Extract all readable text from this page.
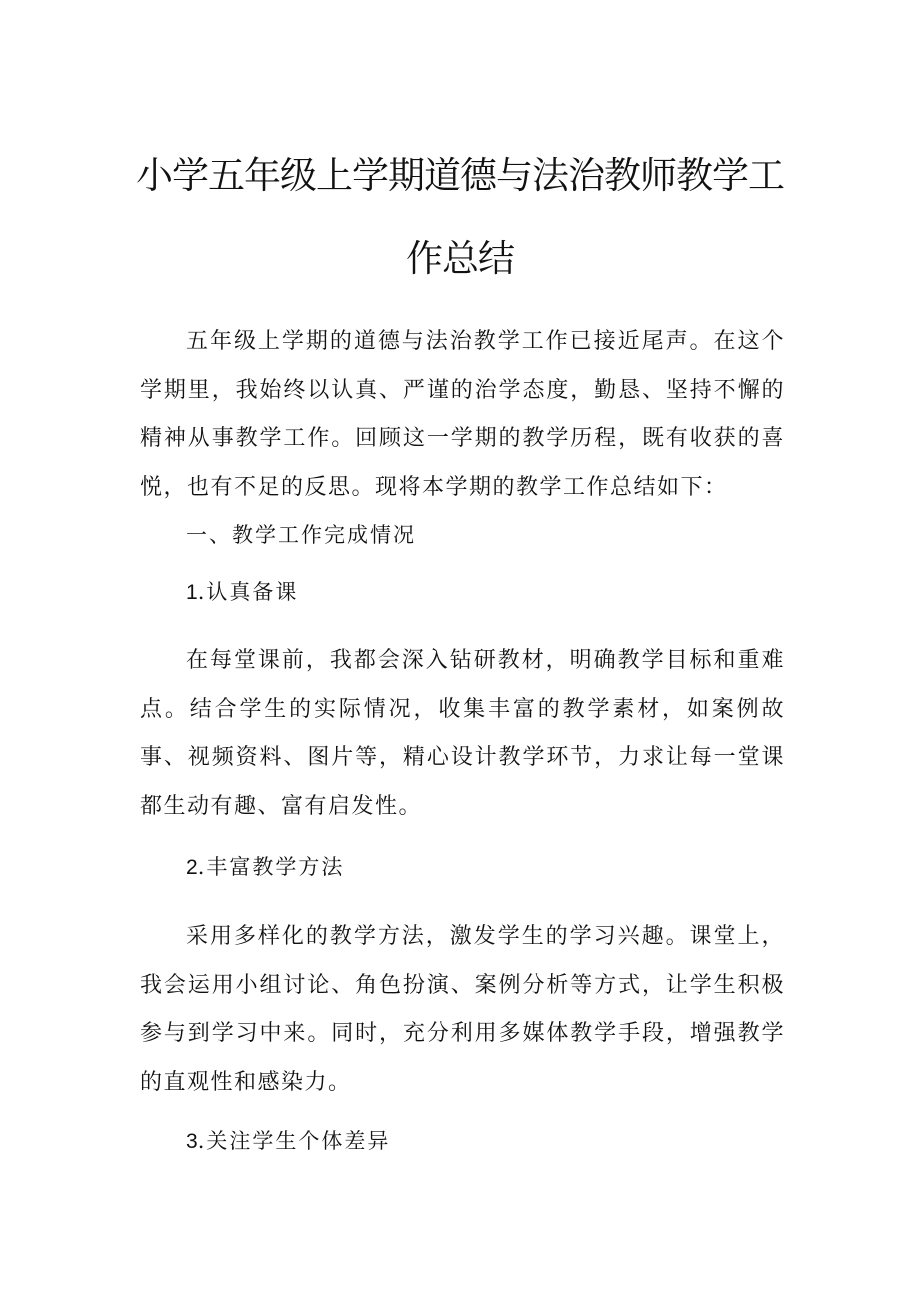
小学五年级上学期道德与法治教师教学工
作总结

五年级上学期的道德与法治教学工作已接近尾声。在这个学期里，我始终以认真、严谨的治学态度，勤恳、坚持不懈的精神从事教学工作。回顾这一学期的教学历程，既有收获的喜悦，也有不足的反思。现将本学期的教学工作总结如下：

一、教学工作完成情况

1.认真备课

在每堂课前，我都会深入钻研教材，明确教学目标和重难点。结合学生的实际情况，收集丰富的教学素材，如案例故事、视频资料、图片等，精心设计教学环节，力求让每一堂课都生动有趣、富有启发性。

2.丰富教学方法

采用多样化的教学方法，激发学生的学习兴趣。课堂上，我会运用小组讨论、角色扮演、案例分析等方式，让学生积极参与到学习中来。同时，充分利用多媒体教学手段，增强教学的直观性和感染力。

3.关注学生个体差异
